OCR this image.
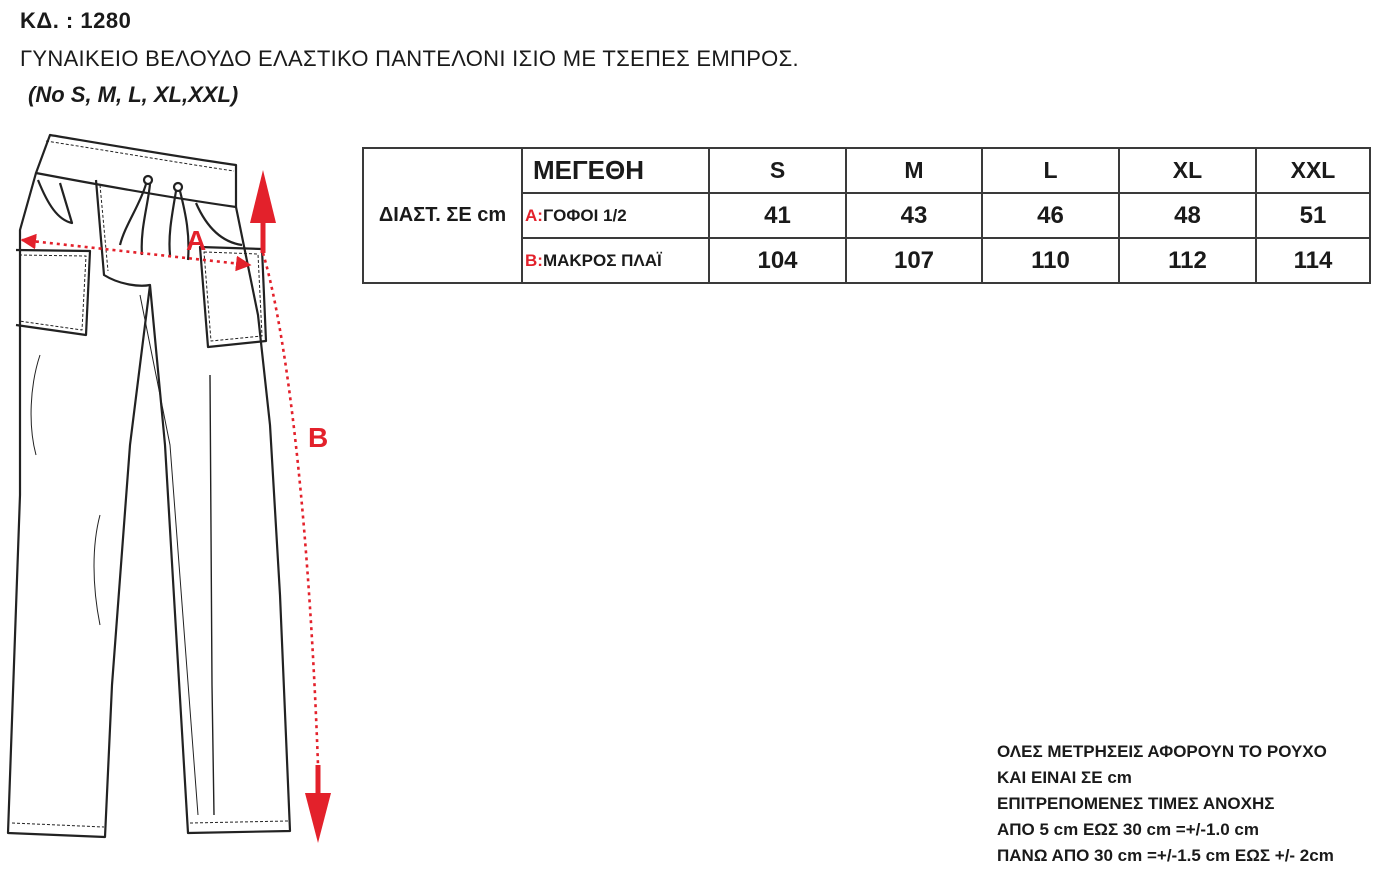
ΚΔ. : 1280
ΓΥΝΑΙΚΕΙΟ ΒΕΛΟΥΔΟ ΕΛΑΣΤΙΚΟ ΠΑΝΤΕΛΟΝΙ ΙΣΙΟ ΜΕ ΤΣΕΠΕΣ ΕΜΠΡΟΣ.
(Νο S, M, L, XL,XXL)
A
B
ΔΙΑΣΤ. ΣΕ cm	ΜΕΓΕΘΗ	S	M	L	XL	XXL
	A:ΓΟΦΟΙ 1/2	41	43	46	48	51
	B:ΜΑΚΡΟΣ ΠΛΑΪ	104	107	110	112	114
ΟΛΕΣ ΜΕΤΡΗΣΕΙΣ ΑΦΟΡΟΥΝ ΤΟ ΡΟΥΧΟ
ΚΑΙ ΕΙΝΑΙ ΣΕ cm
ΕΠΙΤΡΕΠΟΜΕΝΕΣ ΤΙΜΕΣ ΑΝΟΧΗΣ
ΑΠΟ 5 cm ΕΩΣ 30 cm =+/-1.0 cm
ΠΑΝΩ ΑΠΟ 30 cm =+/-1.5 cm ΕΩΣ +/- 2cm
